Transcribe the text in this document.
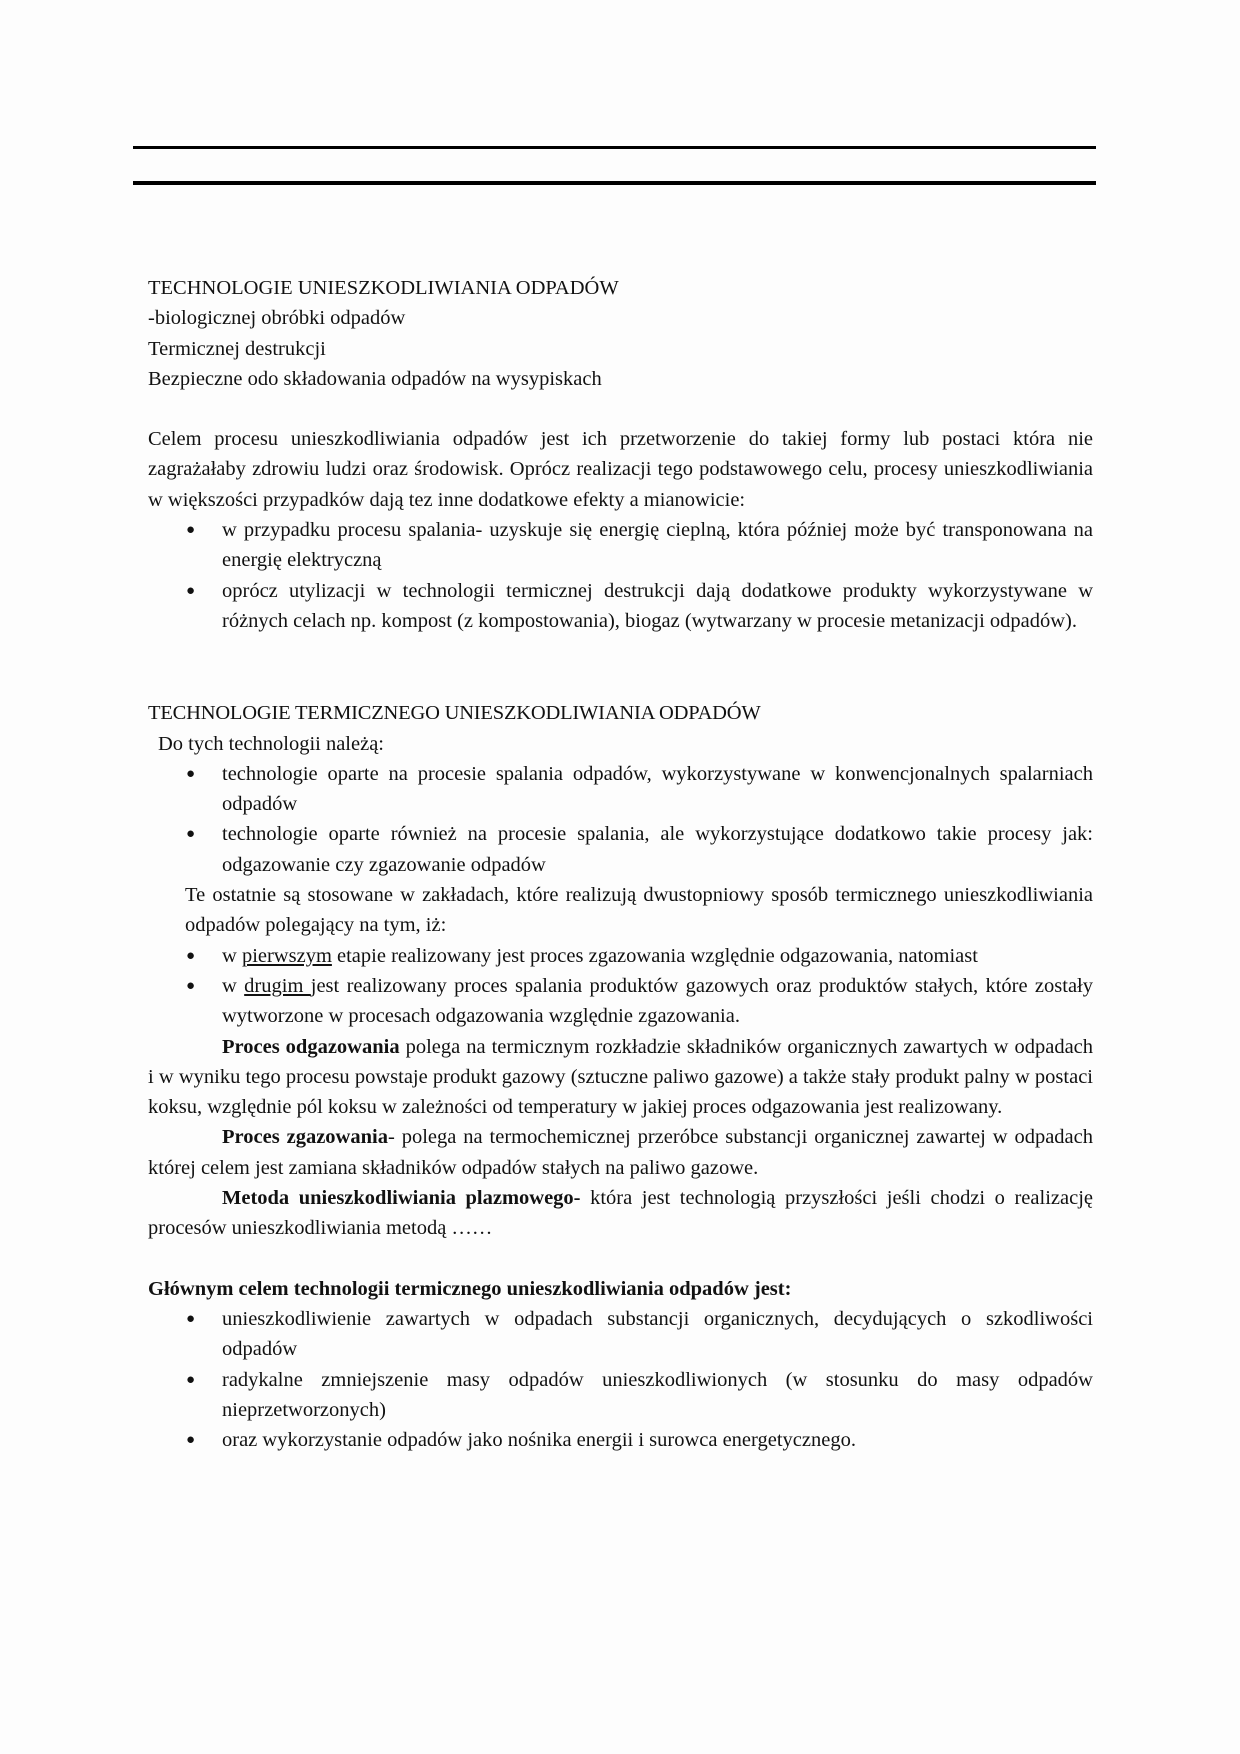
TECHNOLOGIE UNIESZKODLIWIANIA ODPADÓW

-biologicznej obróbki odpadów

Termicznej destrukcji

Bezpieczne odo składowania odpadów na wysypiskach

Celem procesu unieszkodliwiania odpadów jest ich przetworzenie do takiej formy lub postaci która nie zagrażałaby zdrowiu ludzi oraz środowisk. Oprócz realizacji tego podstawowego celu, procesy unieszkodliwiania w większości przypadków dają tez inne dodatkowe efekty a mianowicie:

● w przypadku procesu spalania- uzyskuje się energię cieplną, która później może być transponowana na energię elektryczną
● oprócz utylizacji w technologii termicznej destrukcji dają dodatkowe produkty wykorzystywane w różnych celach np. kompost (z kompostowania), biogaz (wytwarzany w procesie metanizacji odpadów).

TECHNOLOGIE TERMICZNEGO UNIESZKODLIWIANIA ODPADÓW

Do tych technologii należą:

● technologie oparte na procesie spalania odpadów, wykorzystywane w konwencjonalnych spalarniach odpadów
● technologie oparte również na procesie spalania, ale wykorzystujące dodatkowo takie procesy jak: odgazowanie czy zgazowanie odpadów

Te ostatnie są stosowane w zakładach, które realizują dwustopniowy sposób termicznego unieszkodliwiania odpadów polegający na tym, iż:

● w pierwszym etapie realizowany jest proces zgazowania względnie odgazowania, natomiast
● w drugim jest realizowany proces spalania produktów gazowych oraz produktów stałych, które zostały wytworzone w procesach odgazowania względnie zgazowania.

Proces odgazowania polega na termicznym rozkładzie składników organicznych zawartych w odpadach i w wyniku tego procesu powstaje produkt gazowy (sztuczne paliwo gazowe) a także stały produkt palny w postaci koksu, względnie pól koksu w zależności od temperatury w jakiej proces odgazowania jest realizowany.

Proces zgazowania- polega na termochemicznej przeróbce substancji organicznej zawartej w odpadach której celem jest zamiana składników odpadów stałych na paliwo gazowe.

Metoda unieszkodliwiania plazmowego- która jest technologią przyszłości jeśli chodzi o realizację procesów unieszkodliwiania metodą ……

Głównym celem technologii termicznego unieszkodliwiania odpadów jest:

● unieszkodliwienie zawartych w odpadach substancji organicznych, decydujących o szkodliwości odpadów
● radykalne zmniejszenie masy odpadów unieszkodliwionych (w stosunku do masy odpadów nieprzetworzonych)
● oraz wykorzystanie odpadów jako nośnika energii i surowca energetycznego.
